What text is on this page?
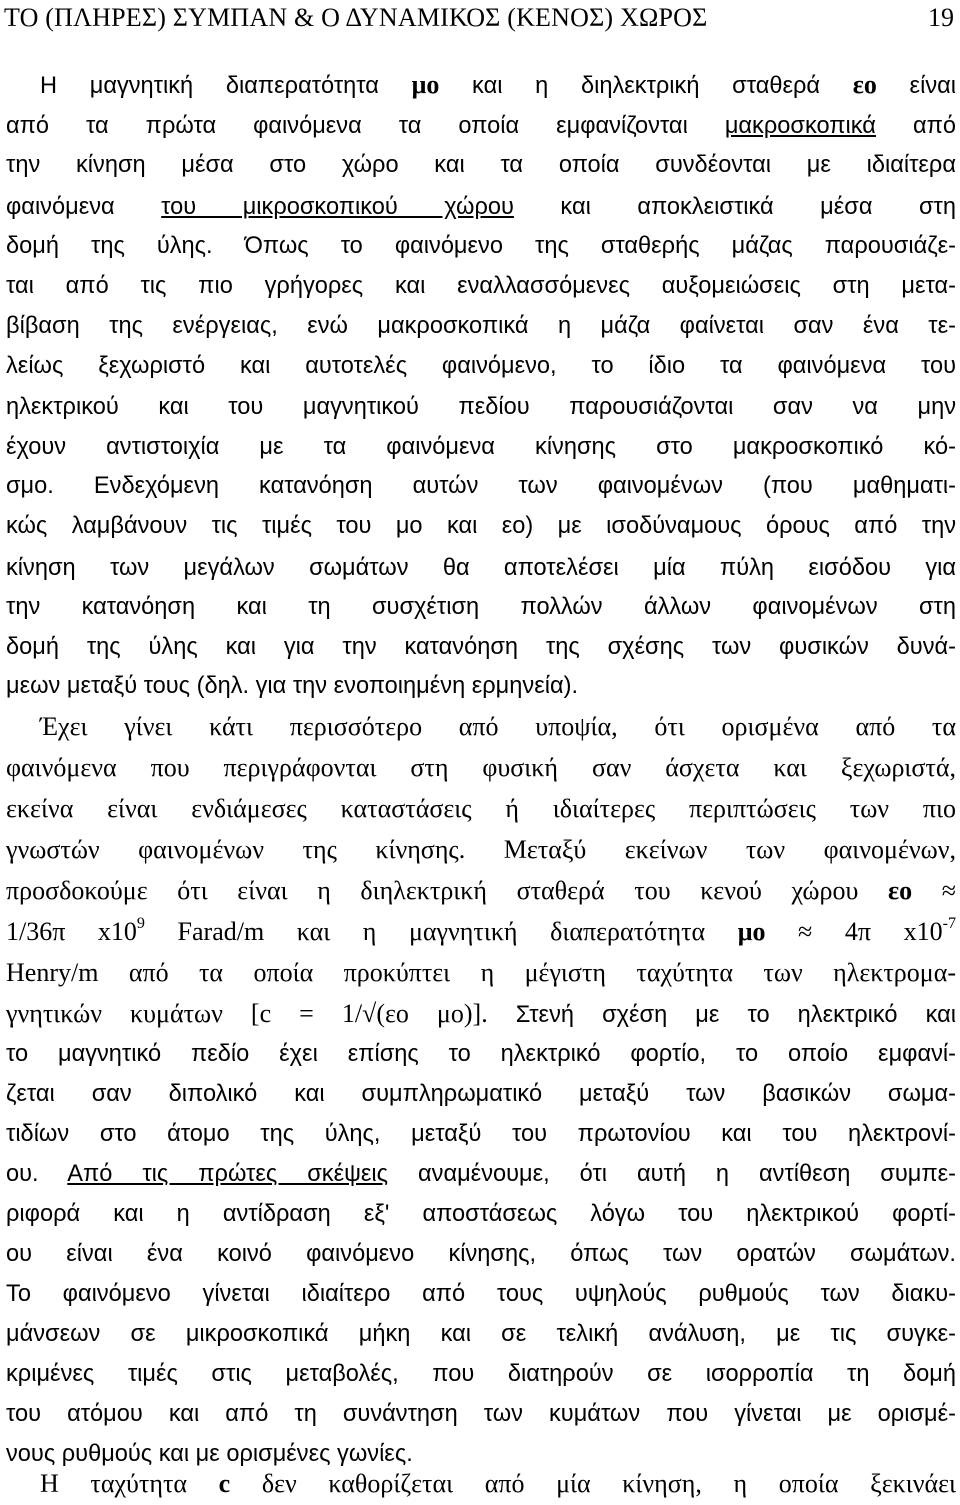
ΤΟ (ΠΛΗΡΕΣ) ΣΥΜΠΑΝ & Ο ΔΥΝΑΜΙΚΟΣ (ΚΕΝΟΣ) ΧΩΡΟΣ	19
Η μαγνητική διαπερατότητα μο και η διηλεκτρική σταθερά εο είναι
από τα πρώτα φαινόμενα τα οποία εμφανίζονται μακροσκοπικά από
την κίνηση μέσα στο χώρο και τα οποία συνδέονται με ιδιαίτερα
φαινόμενα του μικροσκοπικού χώρου και αποκλειστικά μέσα στη
δομή της ύλης. Όπως το φαινόμενο της σταθερής μάζας παρουσιάζε-
ται από τις πιο γρήγορες και εναλλασσόμενες αυξομειώσεις στη μετα-
βίβαση της ενέργειας, ενώ μακροσκοπικά η μάζα φαίνεται σαν ένα τε-
λείως ξεχωριστό και αυτοτελές φαινόμενο, το ίδιο τα φαινόμενα του
ηλεκτρικού και του μαγνητικού πεδίου παρουσιάζονται σαν να μην
έχουν αντιστοιχία με τα φαινόμενα κίνησης στο μακροσκοπικό κό-
σμο. Ενδεχόμενη κατανόηση αυτών των φαινομένων (που μαθηματι-
κώς λαμβάνουν τις τιμές του μο και εο) με ισοδύναμους όρους από την
κίνηση των μεγάλων σωμάτων θα αποτελέσει μία πύλη εισόδου για
την κατανόηση και τη συσχέτιση πολλών άλλων φαινομένων στη
δομή της ύλης και για την κατανόηση της σχέσης των φυσικών δυνά-
μεων μεταξύ τους (δηλ. για την ενοποιημένη ερμηνεία).
Έχει γίνει κάτι περισσότερο από υποψία, ότι ορισμένα από τα
φαινόμενα που περιγράφονται στη φυσική σαν άσχετα και ξεχωριστά,
εκείνα είναι ενδιάμεσες καταστάσεις ή ιδιαίτερες περιπτώσεις των πιο
γνωστών φαινομένων της κίνησης. Μεταξύ εκείνων των φαινομένων,
προσδοκούμε ότι είναι η διηλεκτρική σταθερά του κενού χώρου εο ≈
1/36π $x10^9$ Farad/m και η μαγνητική διαπερατότητα μο ≈ 4π $x10^{-7}$
Henry/m από τα οποία προκύπτει η μέγιστη ταχύτητα των ηλεκτρομα-
γνητικών κυμάτων [c = 1/√(εο μο)]. Στενή σχέση με το ηλεκτρικό και
το μαγνητικό πεδίο έχει επίσης το ηλεκτρικό φορτίο, το οποίο εμφανί-
ζεται σαν διπολικό και συμπληρωματικό μεταξύ των βασικών σωμα-
τιδίων στο άτομο της ύλης, μεταξύ του πρωτονίου και του ηλεκτρονί-
ου. Από τις πρώτες σκέψεις αναμένουμε, ότι αυτή η αντίθεση συμπε-
ριφορά και η αντίδραση εξ' αποστάσεως λόγω του ηλεκτρικού φορτί-
ου είναι ένα κοινό φαινόμενο κίνησης, όπως των ορατών σωμάτων.
Το φαινόμενο γίνεται ιδιαίτερο από τους υψηλούς ρυθμούς των διακυ-
μάνσεων σε μικροσκοπικά μήκη και σε τελική ανάλυση, με τις συγκε-
κριμένες τιμές στις μεταβολές, που διατηρούν σε ισορροπία τη δομή
του ατόμου και από τη συνάντηση των κυμάτων που γίνεται με ορισμέ-
νους ρυθμούς και με ορισμένες γωνίες.
Η ταχύτητα c δεν καθορίζεται από μία κίνηση, η οποία ξεκινάει
